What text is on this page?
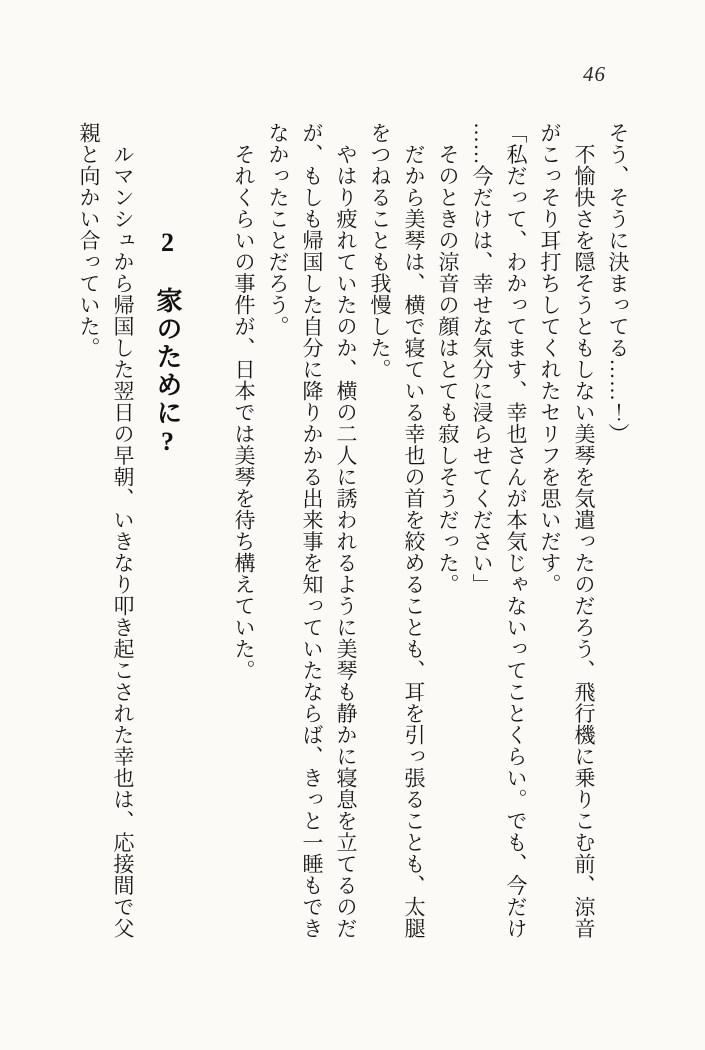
46

そう、そうに決まってる……！）

　不愉快さを隠そうともしない美琴を気遣ったのだろう、飛行機に乗りこむ前、涼音

がこっそり耳打ちしてくれたセリフを思いだす。

「私だって、わかってます、幸也さんが本気じゃないってことくらい。でも、今だけ

……今だけは、幸せな気分に浸らせてください」

　そのときの涼音の顔はとても寂しそうだった。

　だから美琴は、横で寝ている幸也の首を絞めることも、耳を引っ張ることも、太腿

をつねることも我慢した。

　やはり疲れていたのか、横の二人に誘われるように美琴も静かに寝息を立てるのだ

が、もしも帰国した自分に降りかかる出来事を知っていたならば、きっと一睡もでき

なかったことだろう。

　それくらいの事件が、日本では美琴を待ち構えていた。

2　家のために?

　ルマンシュから帰国した翌日の早朝、いきなり叩き起こされた幸也は、応接間で父

親と向かい合っていた。
